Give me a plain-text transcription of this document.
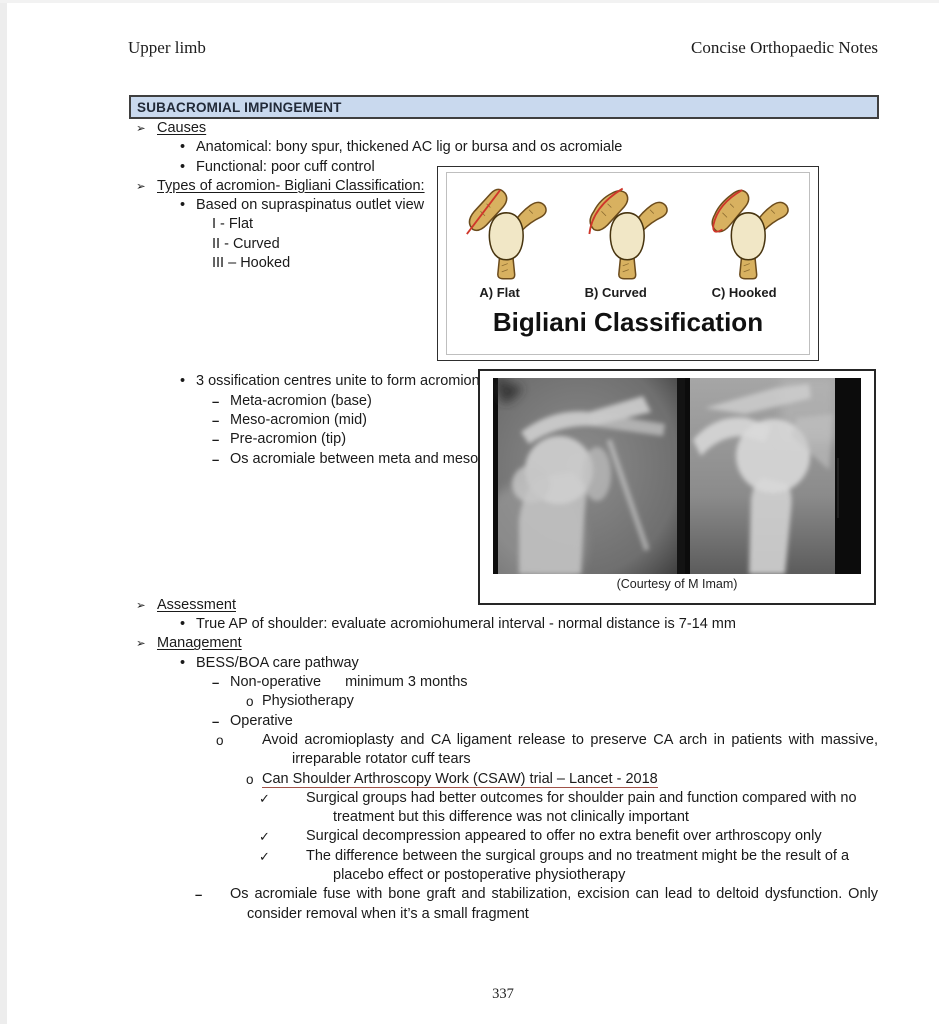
Upper limb	Concise Orthopaedic Notes
SUBACROMIAL IMPINGEMENT
A) Flat	B) Curved	C) Hooked
Bigliani Classification
(Courtesy of M Imam)
➢ Causes
• Anatomical: bony spur, thickened AC lig or bursa and os acromiale
• Functional: poor cuff control
➢ Types of acromion- Bigliani Classification:
• Based on supraspinatus outlet view
I - Flat
II - Curved
III – Hooked
• 3 ossification centres unite to form acromion
– Meta-acromion (base)
– Meso-acromion (mid)
– Pre-acromion (tip)
– Os acromiale between meta and meso
➢ Assessment
• True AP of shoulder: evaluate acromiohumeral interval - normal distance is 7-14 mm
➢ Management
• BESS/BOA care pathway
– Non-operative minimum 3 months
o Physiotherapy
– Operative
o	Avoid acromioplasty and CA ligament release to preserve CA arch in patients with massive, irreparable rotator cuff tears
o Can Shoulder Arthroscopy Work (CSAW) trial – Lancet - 2018
✓	Surgical groups had better outcomes for shoulder pain and function compared with no treatment but this difference was not clinically important
✓	Surgical decompression appeared to offer no extra benefit over arthroscopy only
✓	The difference between the surgical groups and no treatment might be the result of a placebo effect or postoperative physiotherapy
–	Os acromiale fuse with bone graft and stabilization, excision can lead to deltoid dysfunction. Only consider removal when it’s a small fragment
337
